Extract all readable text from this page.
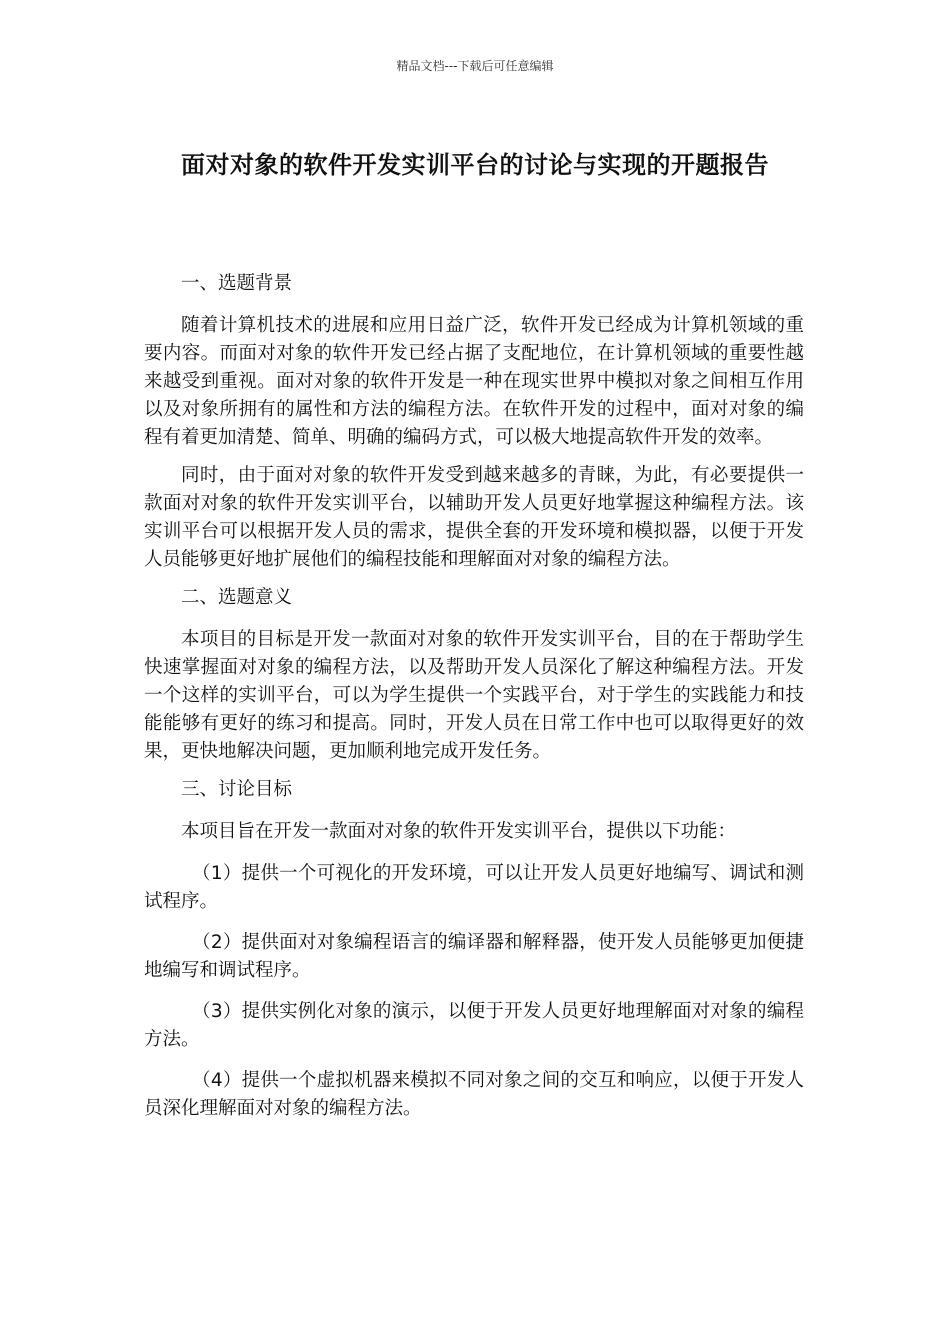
精品文档---下载后可任意编辑
面对对象的软件开发实训平台的讨论与实现的开题报告

一、选题背景

随着计算机技术的进展和应用日益广泛，软件开发已经成为计算机领域的重要内容。而面对对象的软件开发已经占据了支配地位，在计算机领域的重要性越来越受到重视。面对对象的软件开发是一种在现实世界中模拟对象之间相互作用以及对象所拥有的属性和方法的编程方法。在软件开发的过程中，面对对象的编程有着更加清楚、简单、明确的编码方式，可以极大地提高软件开发的效率。

同时，由于面对对象的软件开发受到越来越多的青睐，为此，有必要提供一款面对对象的软件开发实训平台，以辅助开发人员更好地掌握这种编程方法。该实训平台可以根据开发人员的需求，提供全套的开发环境和模拟器，以便于开发人员能够更好地扩展他们的编程技能和理解面对对象的编程方法。

二、选题意义

本项目的目标是开发一款面对对象的软件开发实训平台，目的在于帮助学生快速掌握面对对象的编程方法，以及帮助开发人员深化了解这种编程方法。开发一个这样的实训平台，可以为学生提供一个实践平台，对于学生的实践能力和技能能够有更好的练习和提高。同时，开发人员在日常工作中也可以取得更好的效果，更快地解决问题，更加顺利地完成开发任务。

三、讨论目标

本项目旨在开发一款面对对象的软件开发实训平台，提供以下功能：

（1）提供一个可视化的开发环境，可以让开发人员更好地编写、调试和测试程序。

（2）提供面对对象编程语言的编译器和解释器，使开发人员能够更加便捷地编写和调试程序。

（3）提供实例化对象的演示，以便于开发人员更好地理解面对对象的编程方法。

（4）提供一个虚拟机器来模拟不同对象之间的交互和响应，以便于开发人员深化理解面对对象的编程方法。
